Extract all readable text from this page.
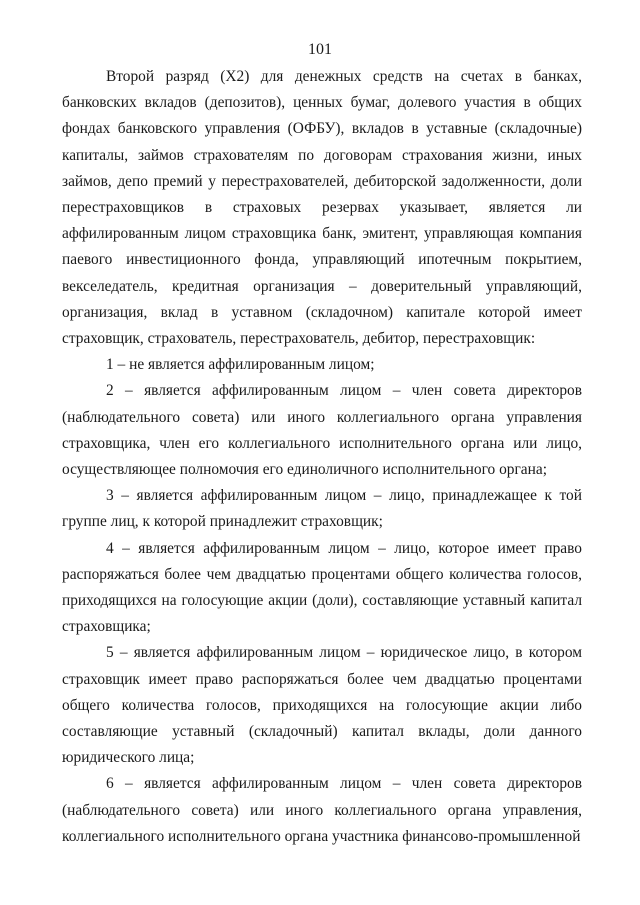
101

Второй разряд (Х2) для денежных средств на счетах в банках, банковских вкладов (депозитов), ценных бумаг, долевого участия в общих фондах банковского управления (ОФБУ), вкладов в уставные (складочные) капиталы, займов страхователям по договорам страхования жизни, иных займов, депо премий у перестрахователей, дебиторской задолженности, доли перестраховщиков в страховых резервах указывает, является ли аффилированным лицом страховщика банк, эмитент, управляющая компания паевого инвестиционного фонда, управляющий ипотечным покрытием, векселедатель, кредитная организация – доверительный управляющий, организация, вклад в уставном (складочном) капитале которой имеет страховщик, страхователь, перестрахователь, дебитор, перестраховщик:

1 – не является аффилированным лицом;

2 – является аффилированным лицом – член совета директоров (наблюдательного совета) или иного коллегиального органа управления страховщика, член его коллегиального исполнительного органа или лицо, осуществляющее полномочия его единоличного исполнительного органа;

3 – является аффилированным лицом – лицо, принадлежащее к той группе лиц, к которой принадлежит страховщик;

4 – является аффилированным лицом – лицо, которое имеет право распоряжаться более чем двадцатью процентами общего количества голосов, приходящихся на голосующие акции (доли), составляющие уставный капитал страховщика;

5 – является аффилированным лицом – юридическое лицо, в котором страховщик имеет право распоряжаться более чем двадцатью процентами общего количества голосов, приходящихся на голосующие акции либо составляющие уставный (складочный) капитал вклады, доли данного юридического лица;

6 – является аффилированным лицом – член совета директоров (наблюдательного совета) или иного коллегиального органа управления, коллегиального исполнительного органа участника финансово-промышленной
